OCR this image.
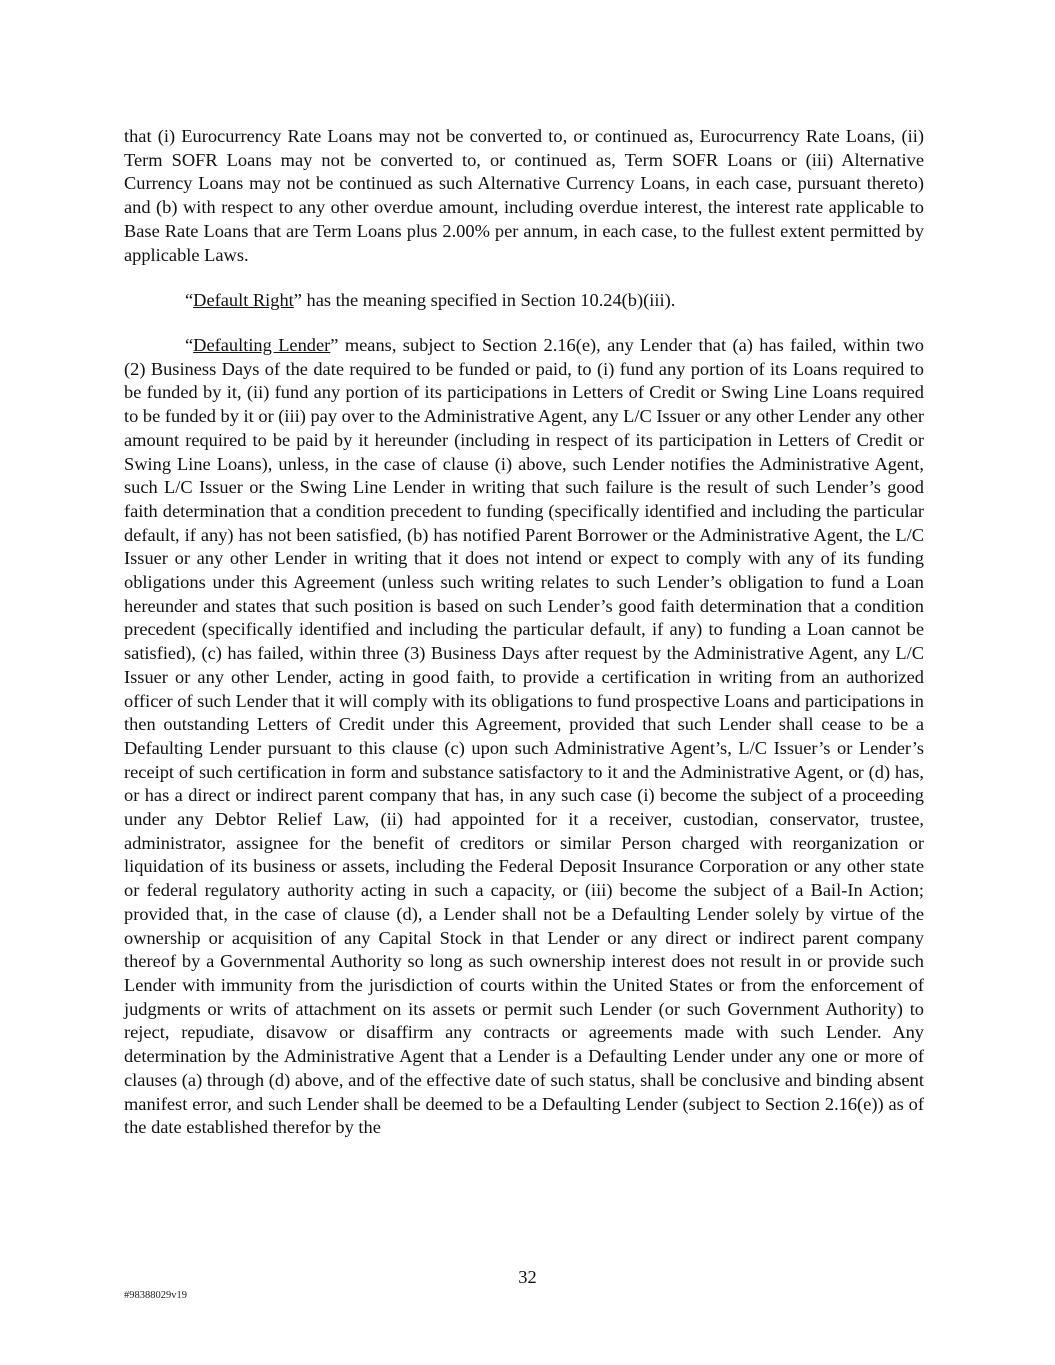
that (i) Eurocurrency Rate Loans may not be converted to, or continued as, Eurocurrency Rate Loans, (ii) Term SOFR Loans may not be converted to, or continued as, Term SOFR Loans or (iii) Alternative Currency Loans may not be continued as such Alternative Currency Loans, in each case, pursuant thereto) and (b) with respect to any other overdue amount, including overdue interest, the interest rate applicable to Base Rate Loans that are Term Loans plus 2.00% per annum, in each case, to the fullest extent permitted by applicable Laws.
“Default Right” has the meaning specified in Section 10.24(b)(iii).
“Defaulting Lender” means, subject to Section 2.16(e), any Lender that (a) has failed, within two (2) Business Days of the date required to be funded or paid, to (i) fund any portion of its Loans required to be funded by it, (ii) fund any portion of its participations in Letters of Credit or Swing Line Loans required to be funded by it or (iii) pay over to the Administrative Agent, any L/C Issuer or any other Lender any other amount required to be paid by it hereunder (including in respect of its participation in Letters of Credit or Swing Line Loans), unless, in the case of clause (i) above, such Lender notifies the Administrative Agent, such L/C Issuer or the Swing Line Lender in writing that such failure is the result of such Lender’s good faith determination that a condition precedent to funding (specifically identified and including the particular default, if any) has not been satisfied, (b) has notified Parent Borrower or the Administrative Agent, the L/C Issuer or any other Lender in writing that it does not intend or expect to comply with any of its funding obligations under this Agreement (unless such writing relates to such Lender’s obligation to fund a Loan hereunder and states that such position is based on such Lender’s good faith determination that a condition precedent (specifically identified and including the particular default, if any) to funding a Loan cannot be satisfied), (c) has failed, within three (3) Business Days after request by the Administrative Agent, any L/C Issuer or any other Lender, acting in good faith, to provide a certification in writing from an authorized officer of such Lender that it will comply with its obligations to fund prospective Loans and participations in then outstanding Letters of Credit under this Agreement, provided that such Lender shall cease to be a Defaulting Lender pursuant to this clause (c) upon such Administrative Agent’s, L/C Issuer’s or Lender’s receipt of such certification in form and substance satisfactory to it and the Administrative Agent, or (d) has, or has a direct or indirect parent company that has, in any such case (i) become the subject of a proceeding under any Debtor Relief Law, (ii) had appointed for it a receiver, custodian, conservator, trustee, administrator, assignee for the benefit of creditors or similar Person charged with reorganization or liquidation of its business or assets, including the Federal Deposit Insurance Corporation or any other state or federal regulatory authority acting in such a capacity, or (iii) become the subject of a Bail-In Action; provided that, in the case of clause (d), a Lender shall not be a Defaulting Lender solely by virtue of the ownership or acquisition of any Capital Stock in that Lender or any direct or indirect parent company thereof by a Governmental Authority so long as such ownership interest does not result in or provide such Lender with immunity from the jurisdiction of courts within the United States or from the enforcement of judgments or writs of attachment on its assets or permit such Lender (or such Government Authority) to reject, repudiate, disavow or disaffirm any contracts or agreements made with such Lender. Any determination by the Administrative Agent that a Lender is a Defaulting Lender under any one or more of clauses (a) through (d) above, and of the effective date of such status, shall be conclusive and binding absent manifest error, and such Lender shall be deemed to be a Defaulting Lender (subject to Section 2.16(e)) as of the date established therefor by the
32
#98388029v19
